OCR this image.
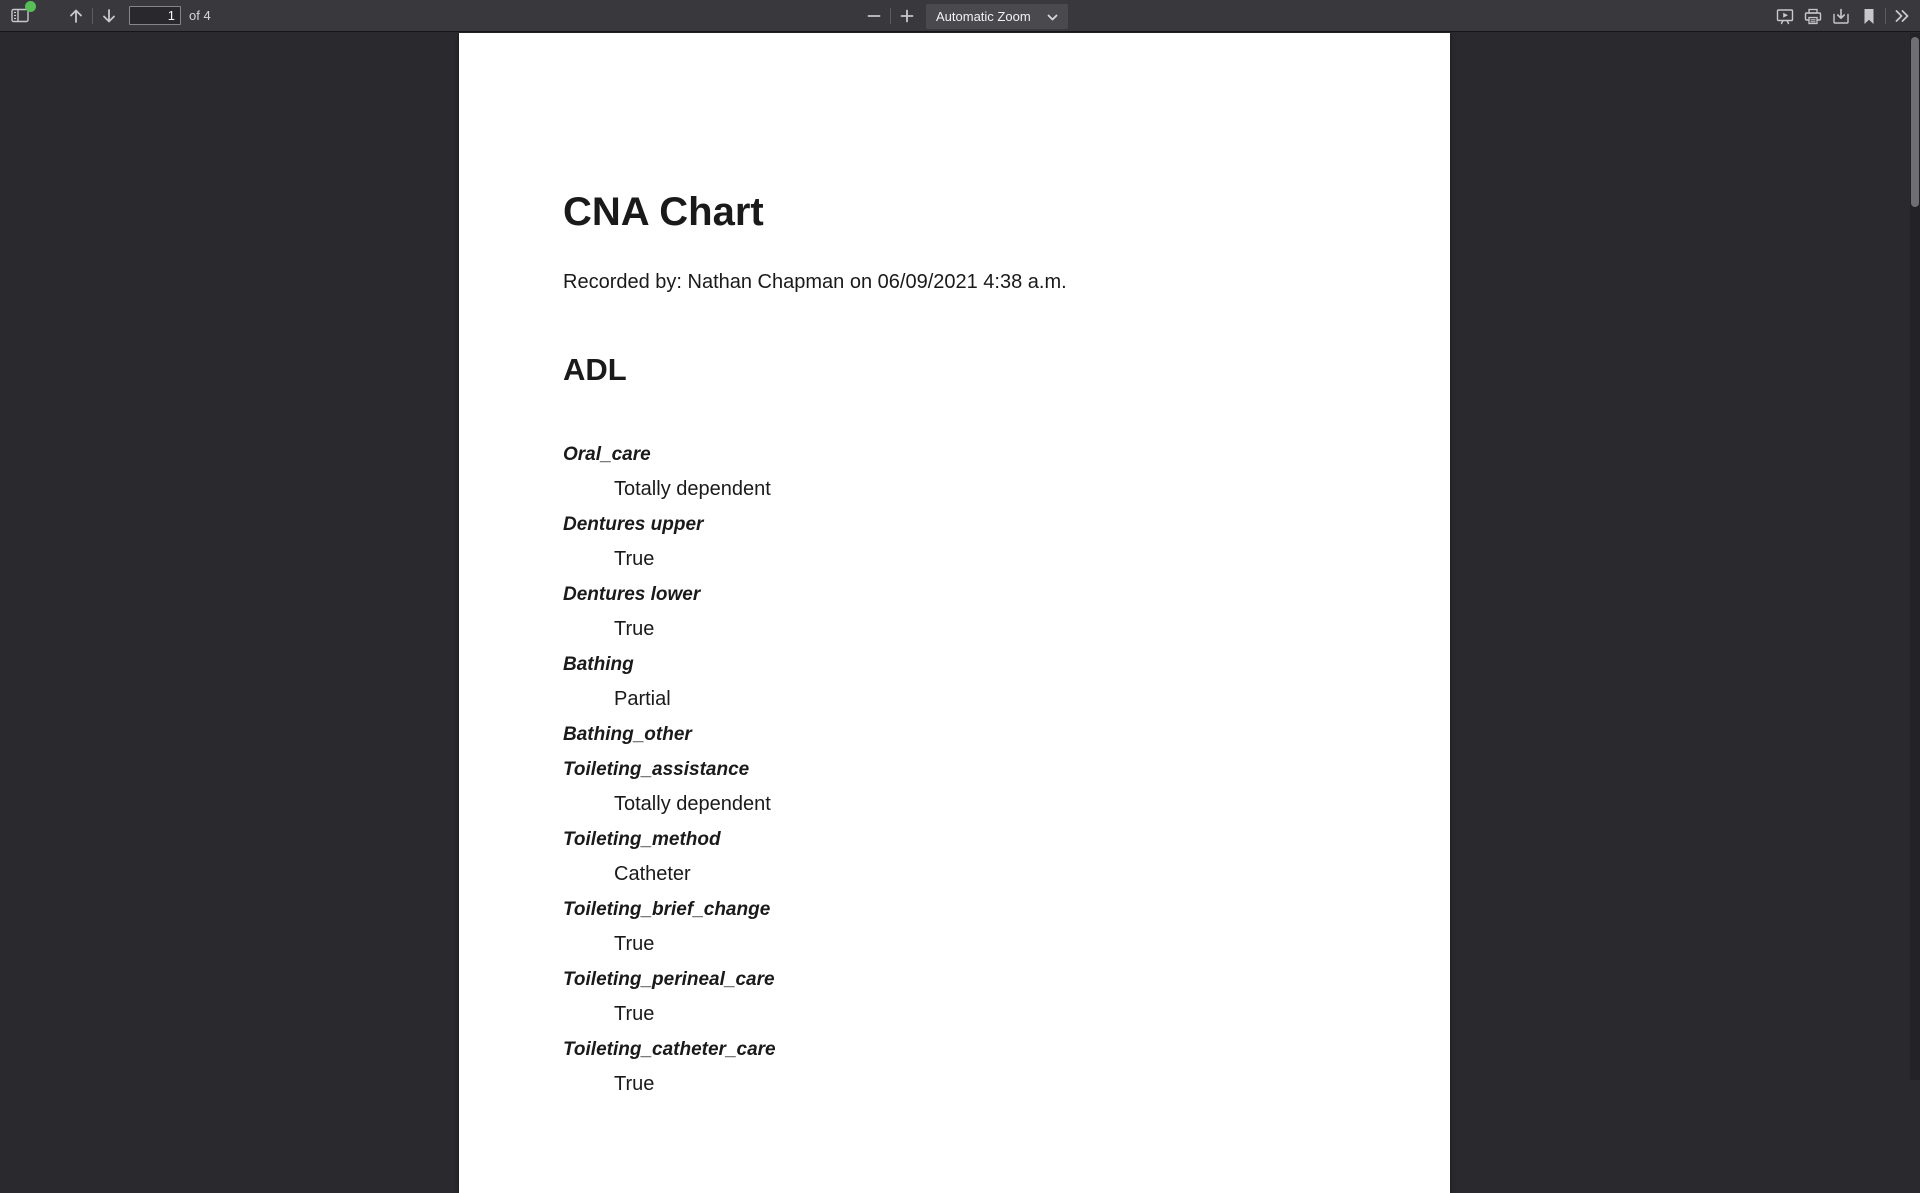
1
of 4	Automatic Zoom
CNA Chart

Recorded by: Nathan Chapman on 06/09/2021 4:38 a.m.

ADL
Oral_care
Totally dependent
Dentures upper
True
Dentures lower
True
Bathing
Partial
Bathing_other
Toileting_assistance
Totally dependent
Toileting_method
Catheter
Toileting_brief_change
True
Toileting_perineal_care
True
Toileting_catheter_care
True
